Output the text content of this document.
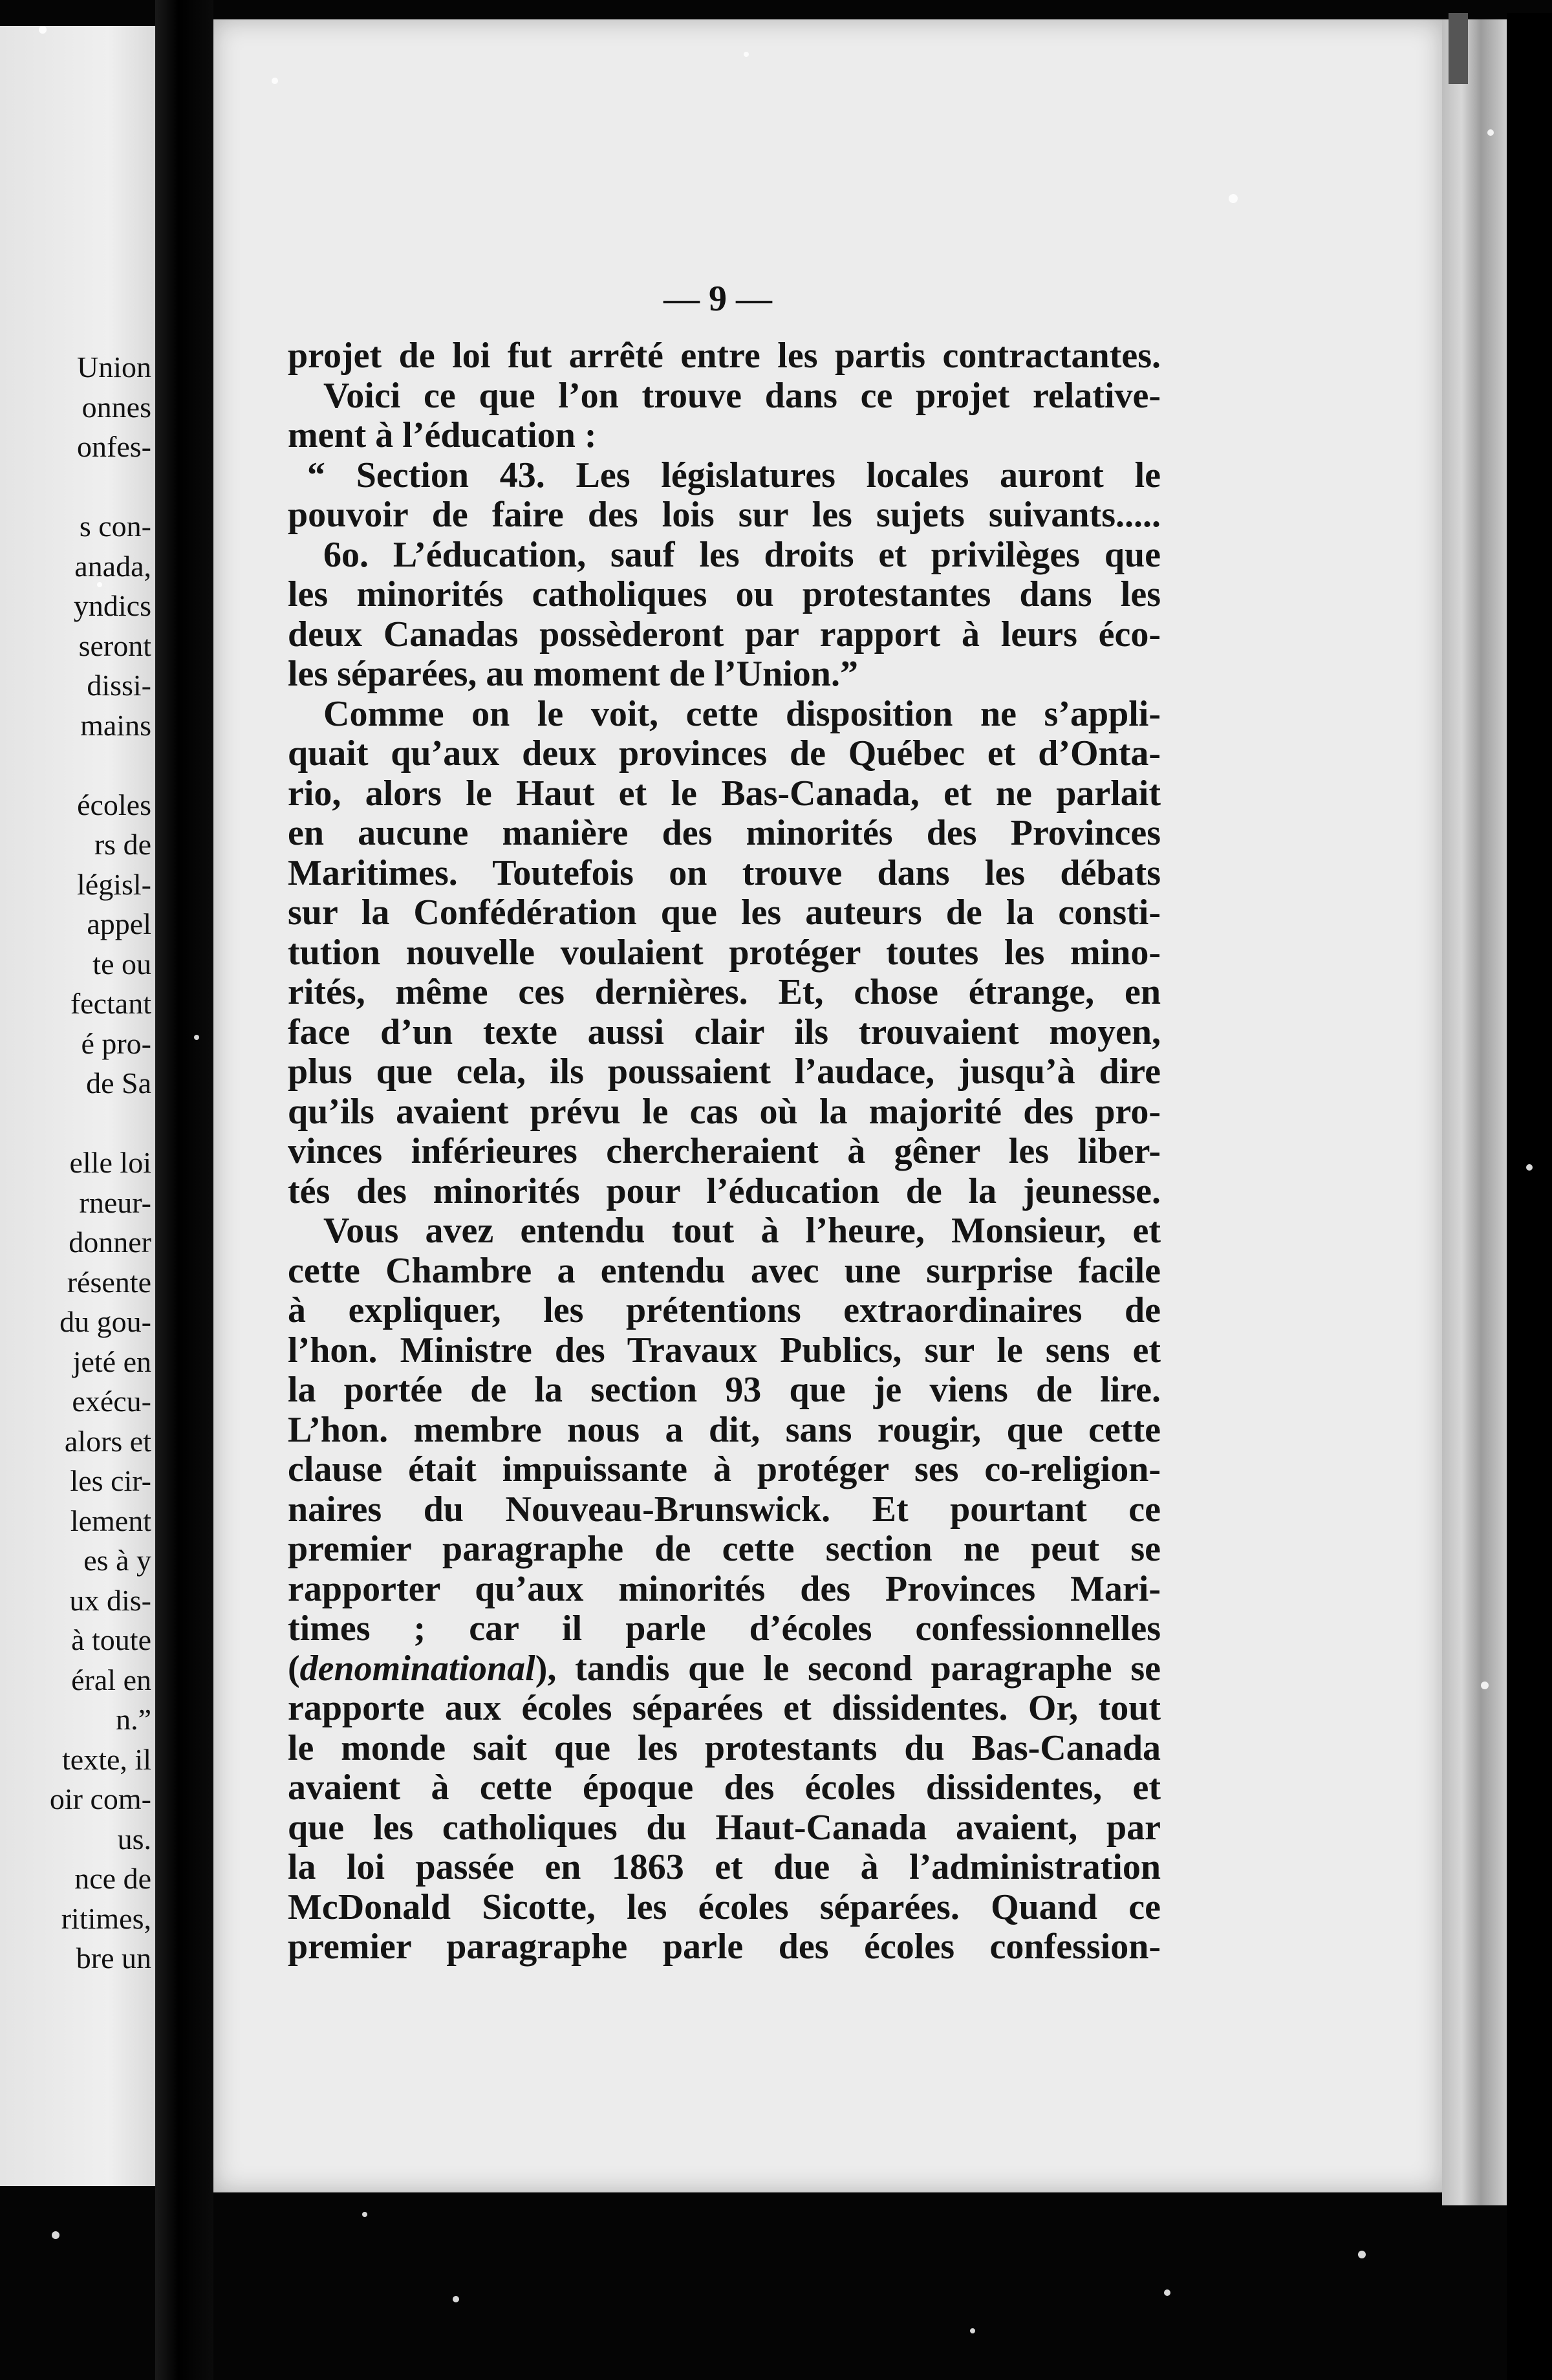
Union
onnes
onfes-
s con-
anada,
yndics
seront
dissi-
mains
écoles
rs de
législ-
appel
te ou
fectant
é pro-
de Sa
elle loi
rneur-
donner
résente
du gou-
jeté en
exécu-
alors et
les cir-
lement
es à y
ux dis-
à toute
éral en
n.”
texte, il
oir com-
us.
nce de
ritimes,
bre un
— 9 —
projet de loi fut arrêté entre les partis contractantes.
Voici ce que l’on trouve dans ce projet relative-
ment à l’éducation :
“ Section 43. Les législatures locales auront le
pouvoir de faire des lois sur les sujets suivants.....
6o. L’éducation, sauf les droits et privilèges que
les minorités catholiques ou protestantes dans les
deux Canadas possèderont par rapport à leurs éco-
les séparées, au moment de l’Union.”
Comme on le voit, cette disposition ne s’appli-
quait qu’aux deux provinces de Québec et d’Onta-
rio, alors le Haut et le Bas-Canada, et ne parlait
en aucune manière des minorités des Provinces
Maritimes. Toutefois on trouve dans les débats
sur la Confédération que les auteurs de la consti-
tution nouvelle voulaient protéger toutes les mino-
rités, même ces dernières. Et, chose étrange, en
face d’un texte aussi clair ils trouvaient moyen,
plus que cela, ils poussaient l’audace, jusqu’à dire
qu’ils avaient prévu le cas où la majorité des pro-
vinces inférieures chercheraient à gêner les liber-
tés des minorités pour l’éducation de la jeunesse.
Vous avez entendu tout à l’heure, Monsieur, et
cette Chambre a entendu avec une surprise facile
à expliquer, les prétentions extraordinaires de
l’hon. Ministre des Travaux Publics, sur le sens et
la portée de la section 93 que je viens de lire.
L’hon. membre nous a dit, sans rougir, que cette
clause était impuissante à protéger ses co-religion-
naires du Nouveau-Brunswick. Et pourtant ce
premier paragraphe de cette section ne peut se
rapporter qu’aux minorités des Provinces Mari-
times ; car il parle d’écoles confessionnelles
(denominational), tandis que le second paragraphe se
rapporte aux écoles séparées et dissidentes. Or, tout
le monde sait que les protestants du Bas-Canada
avaient à cette époque des écoles dissidentes, et
que les catholiques du Haut-Canada avaient, par
la loi passée en 1863 et due à l’administration
McDonald Sicotte, les écoles séparées. Quand ce
premier paragraphe parle des écoles confession-
